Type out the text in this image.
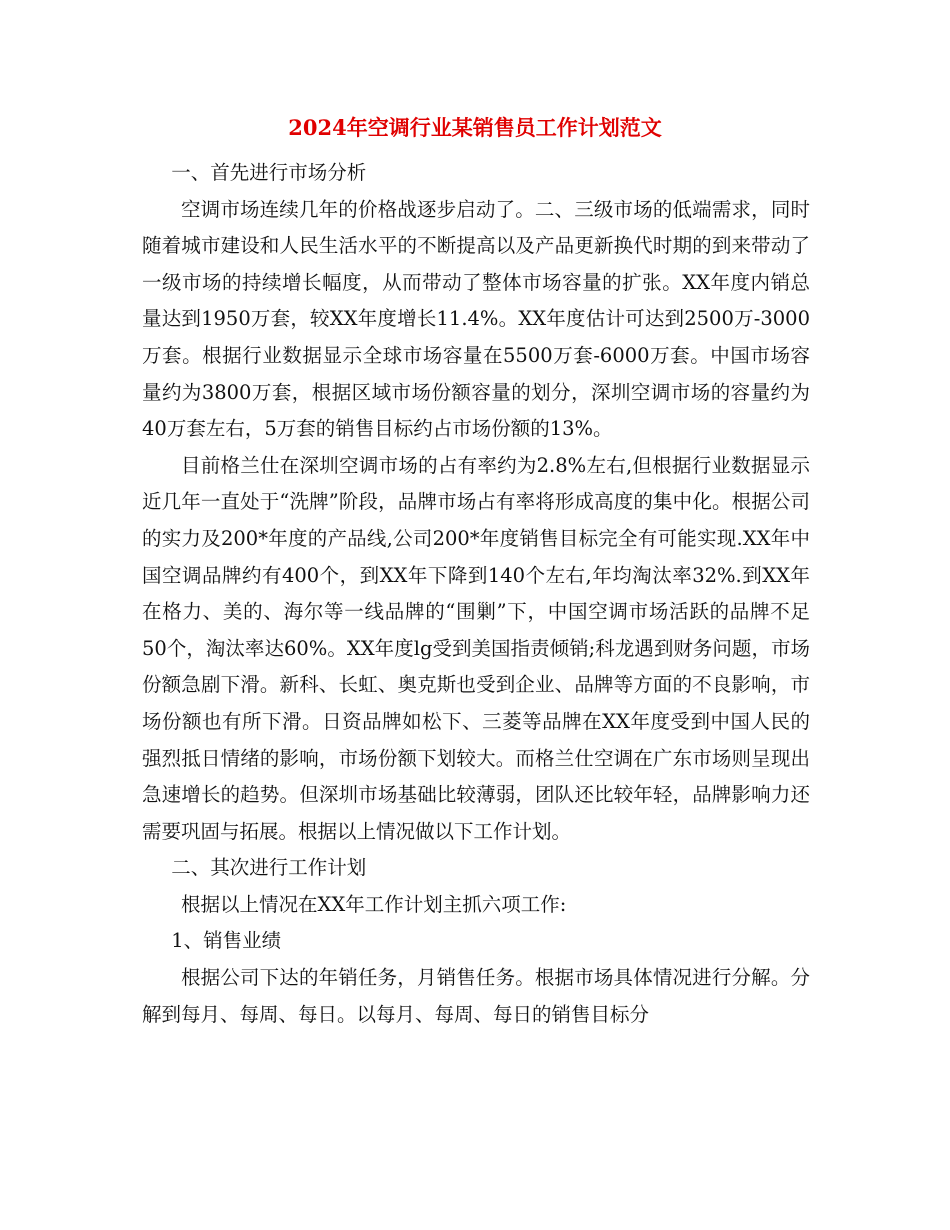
2024年空调行业某销售员工作计划范文

一、首先进行市场分析

空调市场连续几年的价格战逐步启动了。二、三级市场的低端需求，同时随着城市建设和人民生活水平的不断提高以及产品更新换代时期的到来带动了一级市场的持续增长幅度，从而带动了整体市场容量的扩张。XX年度内销总量达到1950万套，较XX年度增长11.4%。XX年度估计可达到2500万-3000万套。根据行业数据显示全球市场容量在5500万套-6000万套。中国市场容量约为3800万套，根据区域市场份额容量的划分，深圳空调市场的容量约为40万套左右，5万套的销售目标约占市场份额的13%。

目前格兰仕在深圳空调市场的占有率约为2.8%左右,但根据行业数据显示近几年一直处于“洗牌”阶段，品牌市场占有率将形成高度的集中化。根据公司的实力及200*年度的产品线,公司200*年度销售目标完全有可能实现.XX年中国空调品牌约有400个，到XX年下降到140个左右,年均淘汰率32%.到XX年在格力、美的、海尔等一线品牌的“围剿”下，中国空调市场活跃的品牌不足50个，淘汰率达60%。XX年度lg受到美国指责倾销;科龙遇到财务问题，市场份额急剧下滑。新科、长虹、奥克斯也受到企业、品牌等方面的不良影响，市场份额也有所下滑。日资品牌如松下、三菱等品牌在XX年度受到中国人民的强烈抵日情绪的影响，市场份额下划较大。而格兰仕空调在广东市场则呈现出急速增长的趋势。但深圳市场基础比较薄弱，团队还比较年轻，品牌影响力还需要巩固与拓展。根据以上情况做以下工作计划。

二、其次进行工作计划

根据以上情况在XX年工作计划主抓六项工作:

1、销售业绩

根据公司下达的年销任务，月销售任务。根据市场具体情况进行分解。分解到每月、每周、每日。以每月、每周、每日的销售目标分
